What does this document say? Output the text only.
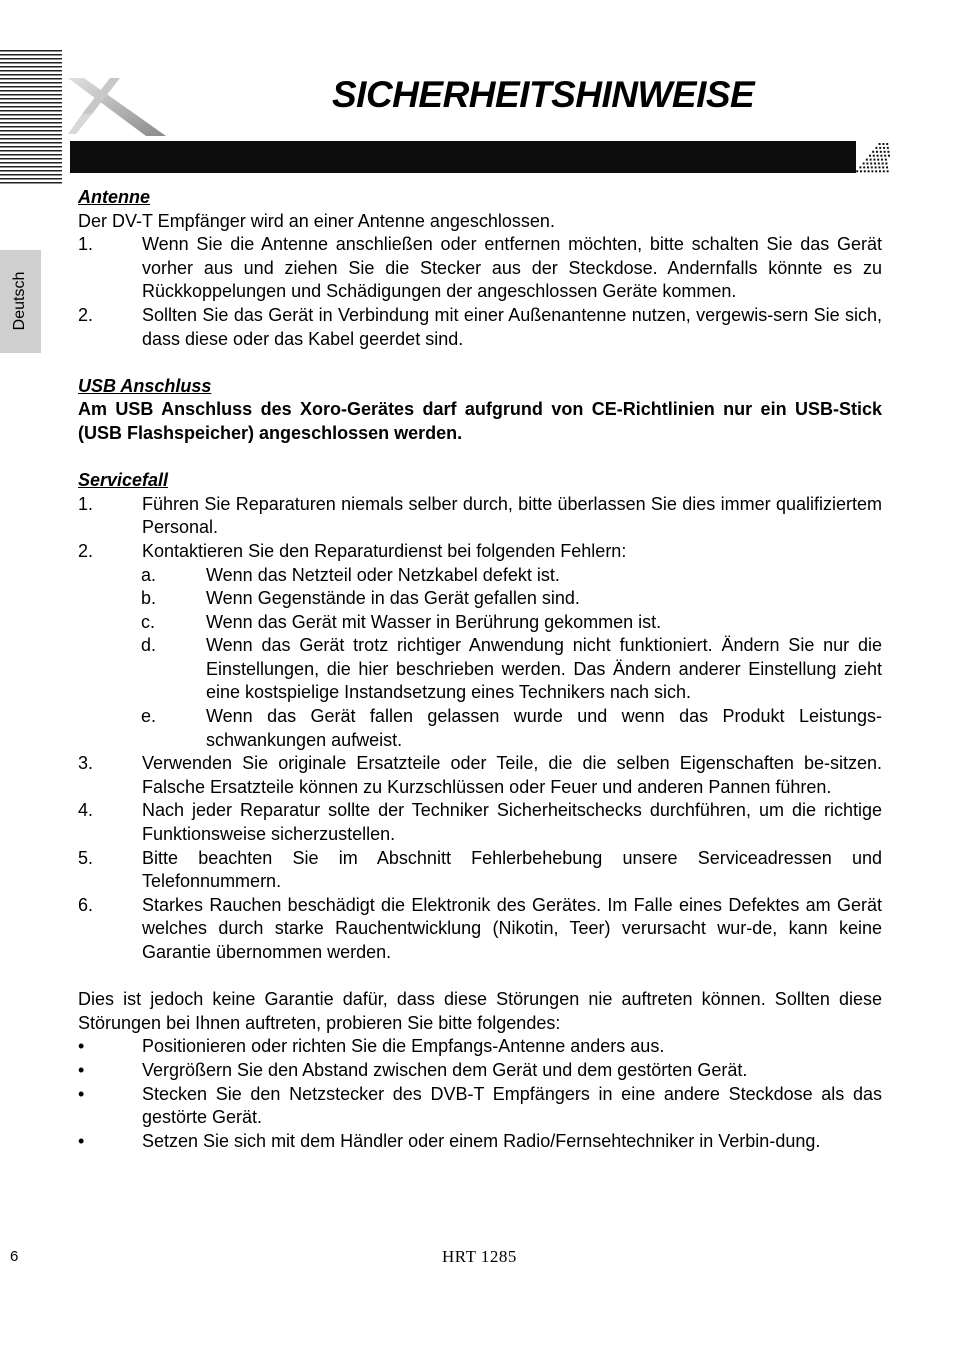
SICHERHEITSHINWEISE
Deutsch

Antenne

Der DV-T Empfänger wird an einer Antenne angeschlossen.

1.	Wenn Sie die Antenne anschließen oder entfernen möchten, bitte schalten Sie das Gerät vorher aus und ziehen Sie die Stecker aus der Steckdose. Andernfalls könnte es zu Rückkoppelungen und Schädigungen der angeschlossen Geräte kommen.
2.	Sollten Sie das Gerät in Verbindung mit einer Außenantenne nutzen, vergewis-sern Sie sich, dass diese oder das Kabel geerdet sind.

USB Anschluss

Am USB Anschluss des Xoro-Gerätes darf aufgrund von CE-Richtlinien nur ein USB-Stick (USB Flashspeicher) angeschlossen werden.

Servicefall

1.	Führen Sie Reparaturen niemals selber durch, bitte überlassen Sie dies immer qualifiziertem Personal.
2.	Kontaktieren Sie den Reparaturdienst bei folgenden Fehlern:
a.	Wenn das Netzteil oder Netzkabel defekt ist.
b.	Wenn Gegenstände in das Gerät gefallen sind.
c.	Wenn das Gerät mit Wasser in Berührung gekommen ist.
d.	Wenn das Gerät trotz richtiger Anwendung nicht funktioniert. Ändern Sie nur die Einstellungen, die hier beschrieben werden. Das Ändern anderer Einstellung zieht eine kostspielige Instandsetzung eines Technikers nach sich.
e.	Wenn das Gerät fallen gelassen wurde und wenn das Produkt Leistungs-schwankungen aufweist.
3.	Verwenden Sie originale Ersatzteile oder Teile, die die selben Eigenschaften be-sitzen. Falsche Ersatzteile können zu Kurzschlüssen oder Feuer und anderen Pannen führen.
4.	Nach jeder Reparatur sollte der Techniker Sicherheitschecks durchführen, um die richtige Funktionsweise sicherzustellen.
5.	Bitte beachten Sie im Abschnitt Fehlerbehebung unsere Serviceadressen und Telefonnummern.
6.	Starkes Rauchen beschädigt die Elektronik des Gerätes. Im Falle eines Defektes am Gerät welches durch starke Rauchentwicklung (Nikotin, Teer) verursacht wur-de, kann keine Garantie übernommen werden.

Dies ist jedoch keine Garantie dafür, dass diese Störungen nie auftreten können. Sollten diese Störungen bei Ihnen auftreten, probieren Sie bitte folgendes:

•	Positionieren oder richten Sie die Empfangs-Antenne anders aus.
•	Vergrößern Sie den Abstand zwischen dem Gerät und dem gestörten Gerät.
•	Stecken Sie den Netzstecker des DVB-T Empfängers in eine andere Steckdose als das gestörte Gerät.
•	Setzen Sie sich mit dem Händler oder einem Radio/Fernsehtechniker in Verbin-dung.
6	HRT 1285
